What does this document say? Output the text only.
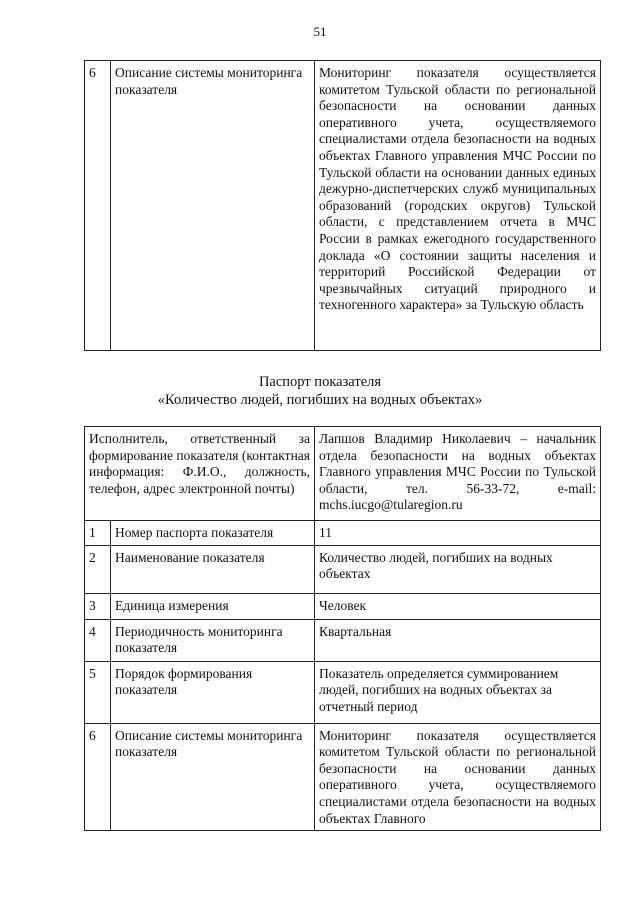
51
6	Описание системы мониторинга показателя	Мониторинг показателя осуществляется комитетом Тульской области по региональной безопасности на основании данных оперативного учета, осуществляемого специалистами отдела безопасности на водных объектах Главного управления МЧС России по Тульской области на основании данных единых дежурно-диспетчерских служб муниципальных образований (городских округов) Тульской области, с представлением отчета в МЧС России в рамках ежегодного государственного доклада «О состоянии защиты населения и территорий Российской Федерации от чрезвычайных ситуаций природного и техногенного характера» за Тульскую область
Паспорт показателя
«Количество людей, погибших на водных объектах»
Исполнитель, ответственный за формирование показателя (контактная информация: Ф.И.О., должность, телефон, адрес электронной почты)		Лапшов Владимир Николаевич – начальник отдела безопасности на водных объектах Главного управления МЧС России по Тульской области, тел. 56-33-72, e-mail: mchs.iucgo@tularegion.ru
1	Номер паспорта показателя	11
2	Наименование показателя	Количество людей, погибших на водных объектах
3	Единица измерения	Человек
4	Периодичность мониторинга показателя	Квартальная
5	Порядок формирования показателя	Показатель определяется суммированием людей, погибших на водных объектах за отчетный период
6	Описание системы мониторинга показателя	Мониторинг показателя осуществляется комитетом Тульской области по региональной безопасности на основании данных оперативного учета, осуществляемого специалистами отдела безопасности на водных объектах Главного
